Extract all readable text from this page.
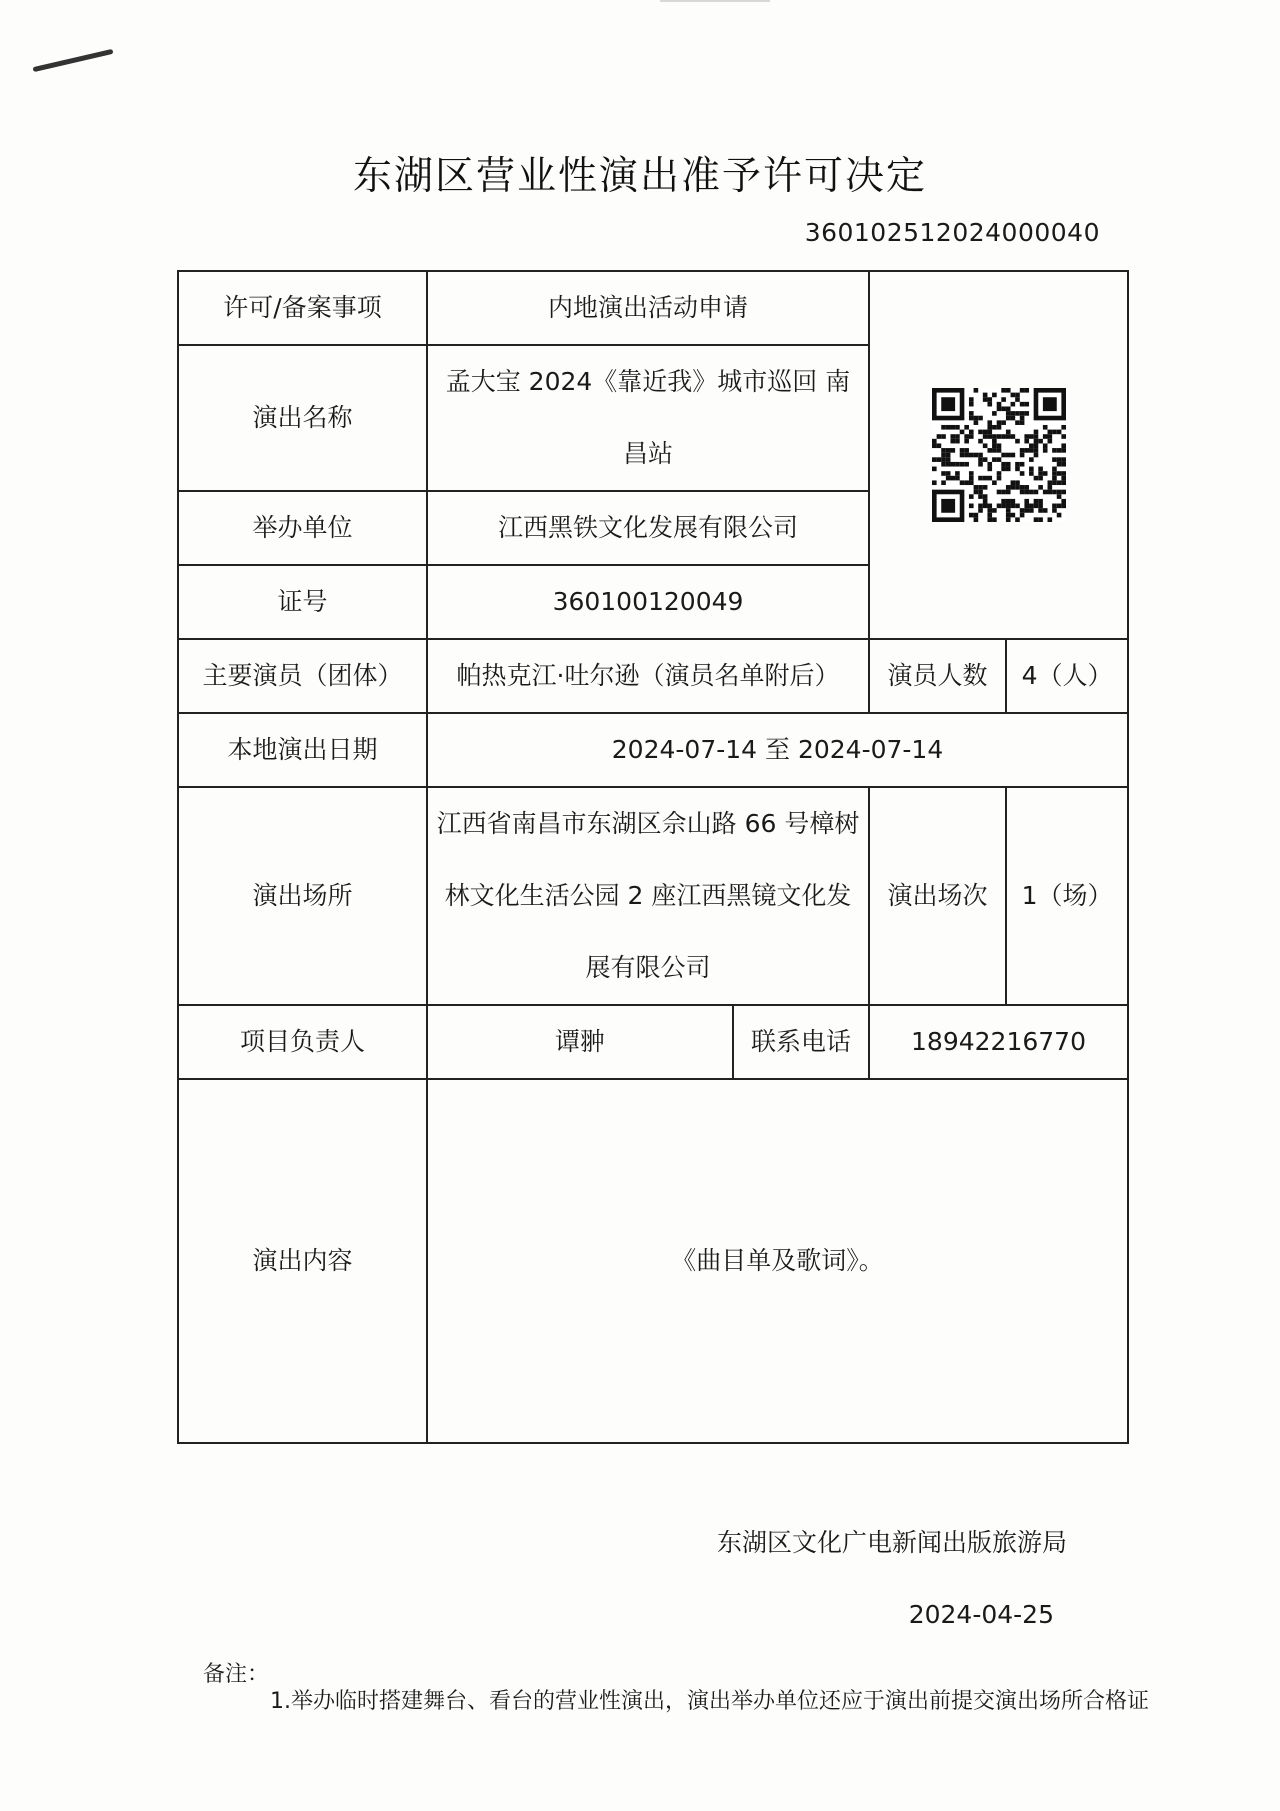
东湖区营业性演出准予许可决定
360102512024000040
许可/备案事项	内地演出活动申请	

演出名称	孟大宝 2024《靠近我》城市巡回 南昌站			
举办单位	江西黑铁文化发展有限公司			
证号	360100120049			
主要演员（团体）	帕热克江·吐尔逊（演员名单附后）		演员人数	4（人）
本地演出日期	2024-07-14 至 2024-07-14			
演出场所	江西省南昌市东湖区佘山路 66 号樟树林文化生活公园 2 座江西黑镜文化发展有限公司		演出场次	1（场）
项目负责人	谭翀	联系电话	18942216770	
演出内容	《曲目单及歌词》。			
东湖区文化广电新闻出版旅游局
2024-04-25
备注：
1.举办临时搭建舞台、看台的营业性演出，演出举办单位还应于演出前提交演出场所合格证
